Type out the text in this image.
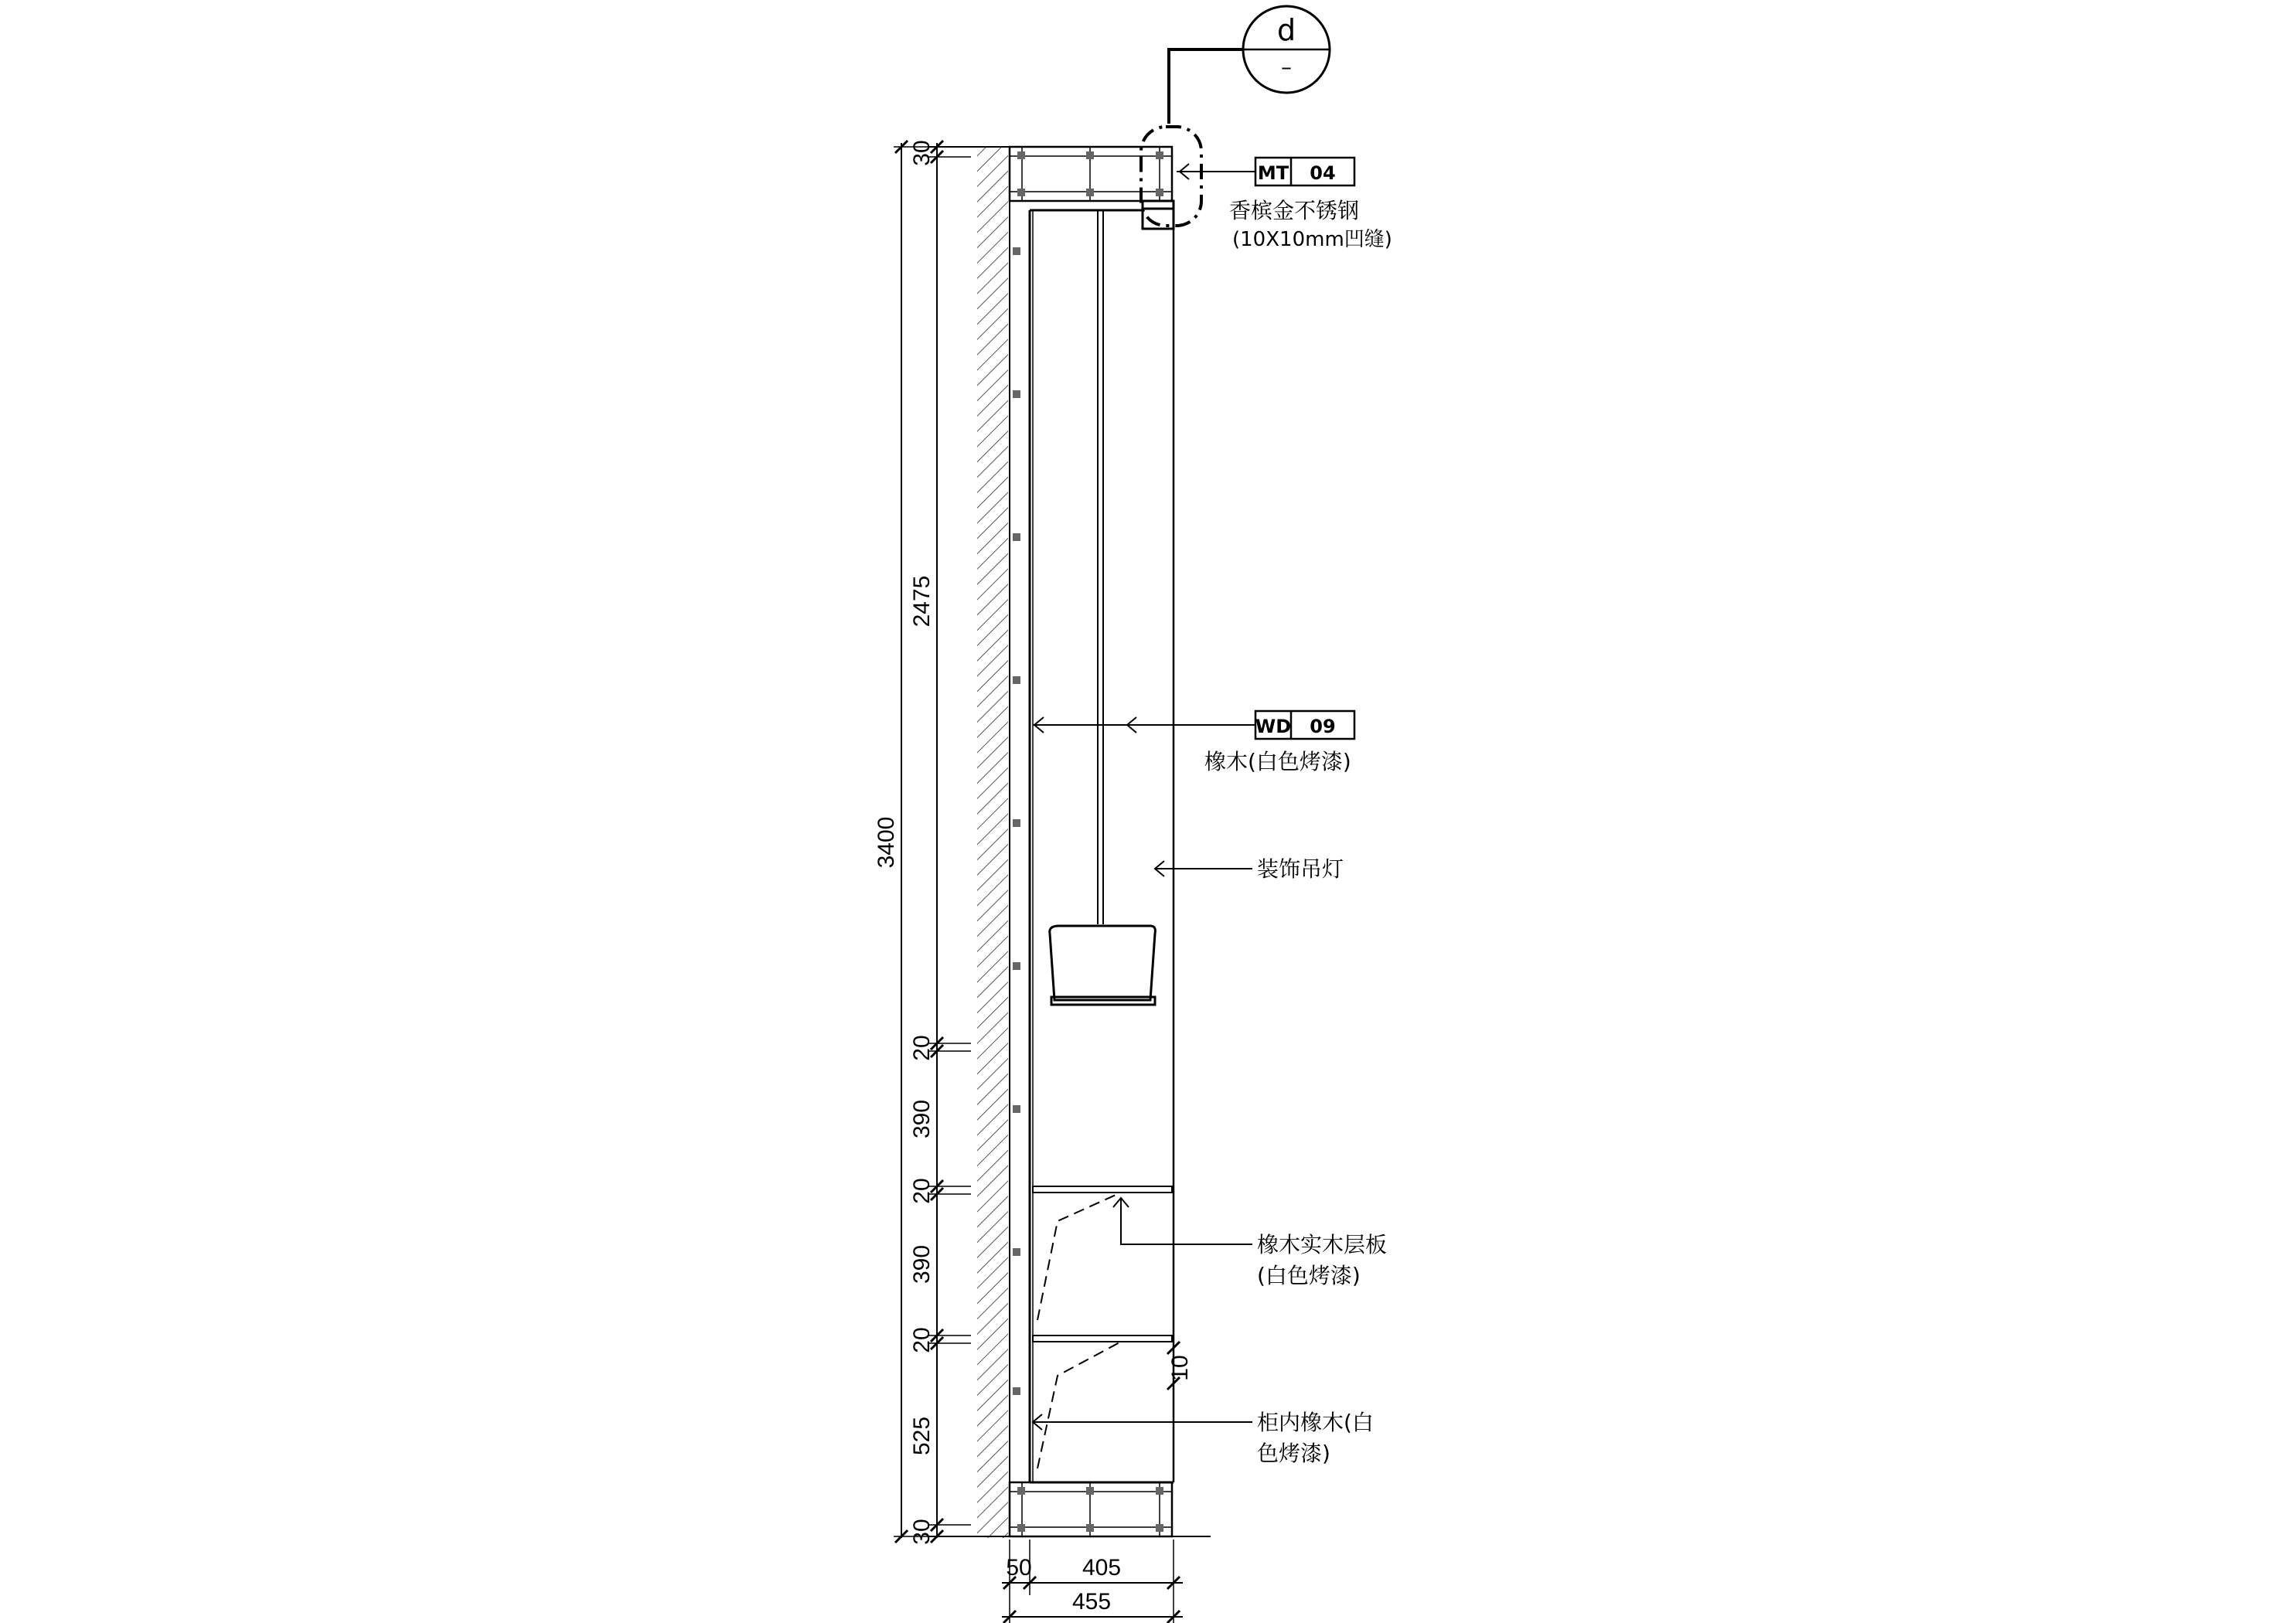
d
–
3400
30
2475
20
390
20
390
20
525
30
10
50 405
455
MT 04
香槟金不锈钢
(10X10mm凹缝)
WD 09
橡木(白色烤漆)
装饰吊灯
橡木实木层板
(白色烤漆)
柜内橡木(白
色烤漆)
